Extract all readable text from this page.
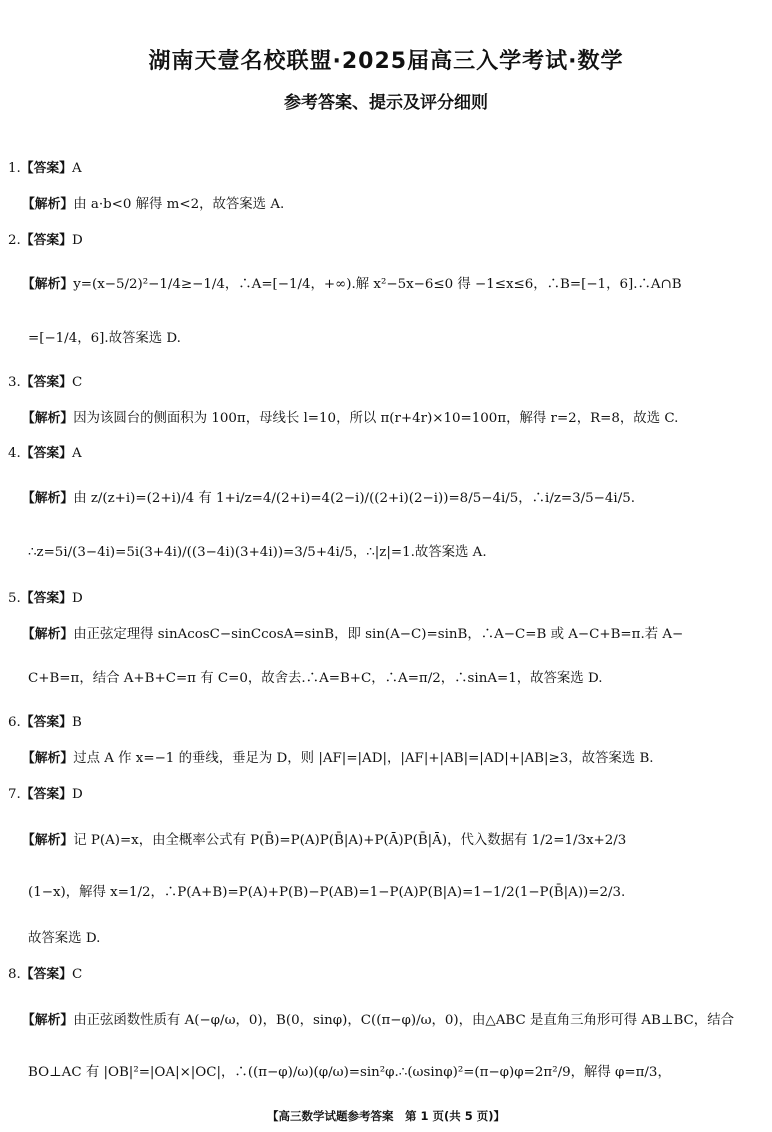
湖南天壹名校联盟·2025届高三入学考试·数学
参考答案、提示及评分细则
1.【答案】A
【解析】由 a·b<0 解得 m<2，故答案选 A.
2.【答案】D
【解析】y=(x−5/2)²−1/4≥−1/4，∴A=[−1/4，+∞).解 x²−5x−6≤0 得 −1≤x≤6，∴B=[−1，6].∴A∩B
=[−1/4，6].故答案选 D.
3.【答案】C
【解析】因为该圆台的侧面积为 100π，母线长 l=10，所以 π(r+4r)×10=100π，解得 r=2，R=8，故选 C.
4.【答案】A
【解析】由 z/(z+i)=(2+i)/4 有 1+i/z=4/(2+i)=4(2−i)/((2+i)(2−i))=8/5−4i/5，∴i/z=3/5−4i/5.
∴z=5i/(3−4i)=5i(3+4i)/((3−4i)(3+4i))=3/5+4i/5，∴|z|=1.故答案选 A.
5.【答案】D
【解析】由正弦定理得 sinAcosC−sinCcosA=sinB，即 sin(A−C)=sinB，∴A−C=B 或 A−C+B=π.若 A−
C+B=π，结合 A+B+C=π 有 C=0，故舍去.∴A=B+C，∴A=π/2，∴sinA=1，故答案选 D.
6.【答案】B
【解析】过点 A 作 x=−1 的垂线，垂足为 D，则 |AF|=|AD|，|AF|+|AB|=|AD|+|AB|≥3，故答案选 B.
7.【答案】D
【解析】记 P(A)=x，由全概率公式有 P(B̄)=P(A)P(B̄|A)+P(Ā)P(B̄|Ā)，代入数据有 1/2=1/3x+2/3
(1−x)，解得 x=1/2，∴P(A+B)=P(A)+P(B)−P(AB)=1−P(A)P(B|A)=1−1/2(1−P(B̄|A))=2/3.
故答案选 D.
8.【答案】C
【解析】由正弦函数性质有 A(−φ/ω，0)，B(0，sinφ)，C((π−φ)/ω，0)，由△ABC 是直角三角形可得 AB⊥BC，结合
BO⊥AC 有 |OB|²=|OA|×|OC|，∴((π−φ)/ω)(φ/ω)=sin²φ.∴(ωsinφ)²=(π−φ)φ=2π²/9，解得 φ=π/3，
【高三数学试题参考答案　第 1 页(共 5 页)】
